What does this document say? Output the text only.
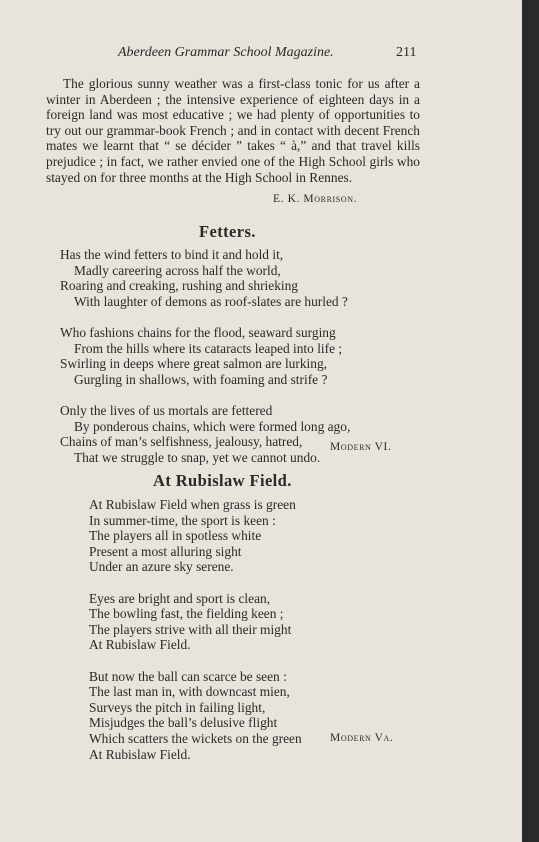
Aberdeen Grammar School Magazine.	211
The glorious sunny weather was a first-class tonic for us after a winter in Aberdeen ; the intensive experience of eighteen days in a foreign land was most educative ; we had plenty of opportunities to try out our grammar-book French ; and in contact with decent French mates we learnt that “ se décider ” takes “ à,” and that travel kills prejudice ; in fact, we rather envied one of the High School girls who stayed on for three months at the High School in Rennes.
E. K. Morrison.
Fetters.
Has the wind fetters to bind it and hold it,
Madly careering across half the world,
Roaring and creaking, rushing and shrieking
With laughter of demons as roof-slates are hurled ?
Who fashions chains for the flood, seaward surging
From the hills where its cataracts leaped into life ;
Swirling in deeps where great salmon are lurking,
Gurgling in shallows, with foaming and strife ?
Only the lives of us mortals are fettered
By ponderous chains, which were formed long ago,
Chains of man’s selfishness, jealousy, hatred,
That we struggle to snap, yet we cannot undo.
Modern VI.
At Rubislaw Field.
At Rubislaw Field when grass is green
In summer-time, the sport is keen :
The players all in spotless white
Present a most alluring sight
Under an azure sky serene.
Eyes are bright and sport is clean,
The bowling fast, the fielding keen ;
The players strive with all their might
At Rubislaw Field.
But now the ball can scarce be seen :
The last man in, with downcast mien,
Surveys the pitch in failing light,
Misjudges the ball’s delusive flight
Which scatters the wickets on the green
At Rubislaw Field.
Modern Va.
